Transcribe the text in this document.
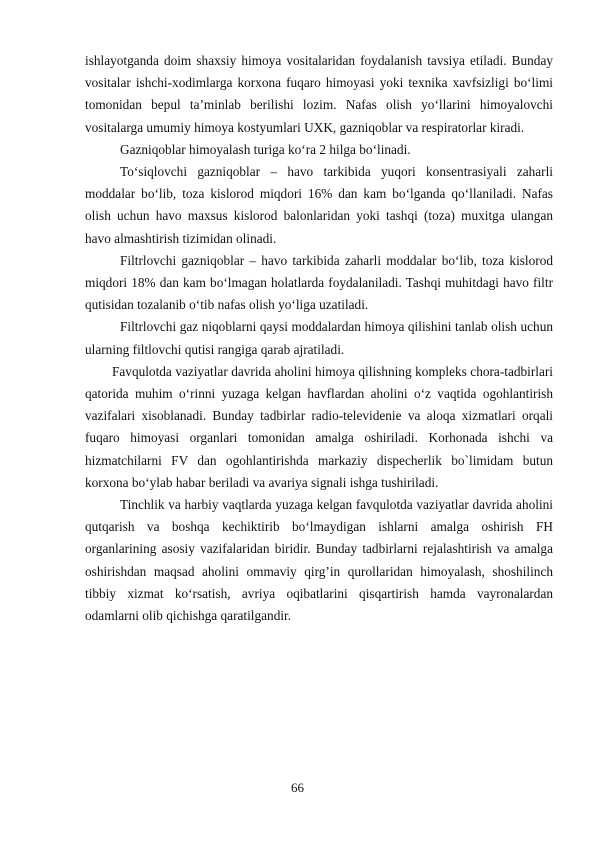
ishlayotganda doim shaxsiy himoya vositalaridan foydalanish tavsiya etiladi. Bunday vositalar ishchi-xodimlarga korxona fuqaro himoyasi yoki texnika xavfsizligi bo‘limi tomonidan bepul ta’minlab berilishi lozim. Nafas olish yo‘llarini himoyalovchi vositalarga umumiy himoya kostyumlari UXK, gazniqoblar va respiratorlar kiradi.

Gazniqoblar himoyalash turiga ko‘ra 2 hilga bo‘linadi.

To‘siqlovchi gazniqoblar – havo tarkibida yuqori konsentrasiyali zaharli moddalar bo‘lib, toza kislorod miqdori 16% dan kam bo‘lganda qo‘llaniladi. Nafas olish uchun havo maxsus kislorod balonlaridan yoki tashqi (toza) muxitga ulangan havo almashtirish tizimidan olinadi.

Filtrlovchi gazniqoblar – havo tarkibida zaharli moddalar bo‘lib, toza kislorod miqdori 18% dan kam bo‘lmagan holatlarda foydalaniladi. Tashqi muhitdagi havo filtr qutisidan tozalanib o‘tib nafas olish yo‘liga uzatiladi.

Filtrlovchi gaz niqoblarni qaysi moddalardan himoya qilishini tanlab olish uchun ularning filtlovchi qutisi rangiga qarab ajratiladi.

Favqulotda vaziyatlar davrida aholini himoya qilishning kompleks chora-tadbirlari qatorida muhim o‘rinni yuzaga kelgan havflardan aholini o‘z vaqtida ogohlantirish vazifalari xisoblanadi. Bunday tadbirlar radio-televidenie va aloqa xizmatlari orqali fuqaro himoyasi organlari tomonidan amalga oshiriladi. Korhonada ishchi va hizmatchilarni FV dan ogohlantirishda markaziy dispecherlik bo`limidam butun korxona bo‘ylab habar beriladi va avariya signali ishga tushiriladi.

Tinchlik va harbiy vaqtlarda yuzaga kelgan favqulotda vaziyatlar davrida aholini qutqarish va boshqa kechiktirib bo‘lmaydigan ishlarni amalga oshirish FH organlarining asosiy vazifalaridan biridir. Bunday tadbirlarni rejalashtirish va amalga oshirishdan maqsad aholini ommaviy qirg’in qurollaridan himoyalash, shoshilinch tibbiy xizmat ko‘rsatish, avriya oqibatlarini qisqartirish hamda vayronalardan odamlarni olib qichishga qaratilgandir.

66
